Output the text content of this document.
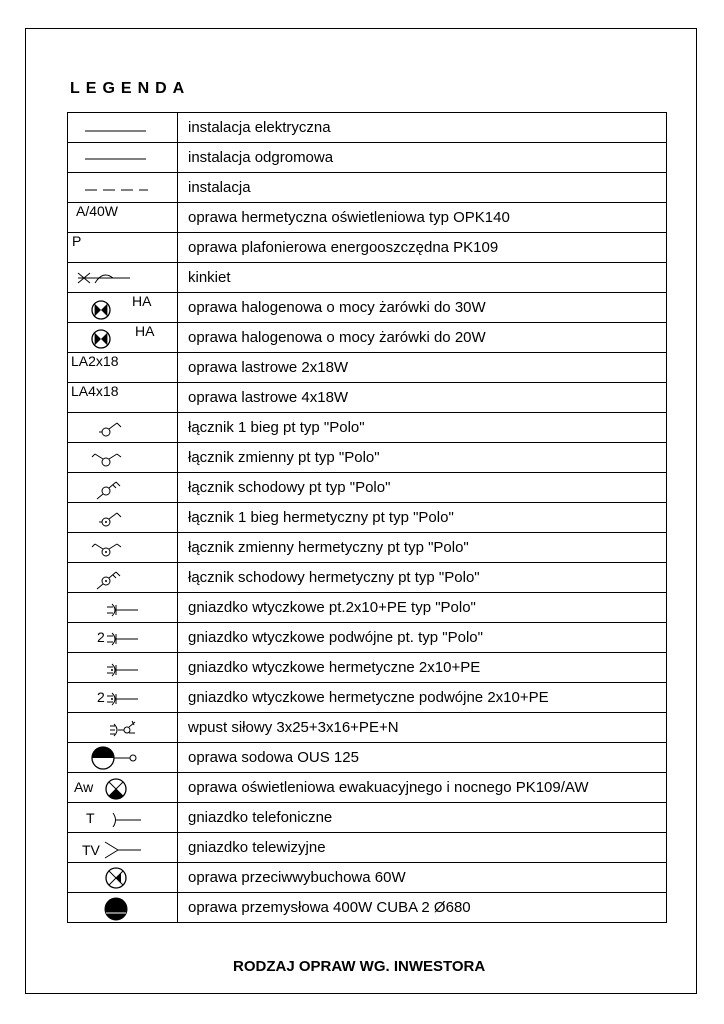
LEGENDA
	instalacja elektryczna

	instalacja odgromowa

	instalacja

A/40W	oprawa hermetyczna oświetleniowa typ OPK140

P	oprawa plafonierowa energooszczędna PK109

	kinkiet

HA	oprawa halogenowa o mocy żarówki do 30W

HA	oprawa halogenowa o mocy żarówki do 20W

LA2x18	oprawa lastrowe 2x18W

LA4x18	oprawa lastrowe 4x18W

	łącznik 1 bieg pt typ "Polo"

	łącznik zmienny pt typ "Polo"

	łącznik schodowy pt typ "Polo"

	łącznik 1 bieg hermetyczny pt typ "Polo"

	łącznik zmienny hermetyczny pt typ "Polo"

	łącznik schodowy hermetyczny pt typ "Polo"

	gniazdko wtyczkowe pt.2x10+PE typ "Polo"

2	gniazdko wtyczkowe podwójne pt. typ "Polo"

	gniazdko wtyczkowe hermetyczne 2x10+PE

2	gniazdko wtyczkowe hermetyczne podwójne 2x10+PE

	wpust siłowy 3x25+3x16+PE+N

	oprawa sodowa OUS 125

Aw	oprawa oświetleniowa ewakuacyjnego i nocnego PK109/AW

T	gniazdko telefoniczne

TV	gniazdko telewizyjne

	oprawa przeciwwybuchowa 60W

	oprawa przemysłowa 400W CUBA 2 Ø680
RODZAJ OPRAW WG. INWESTORA
